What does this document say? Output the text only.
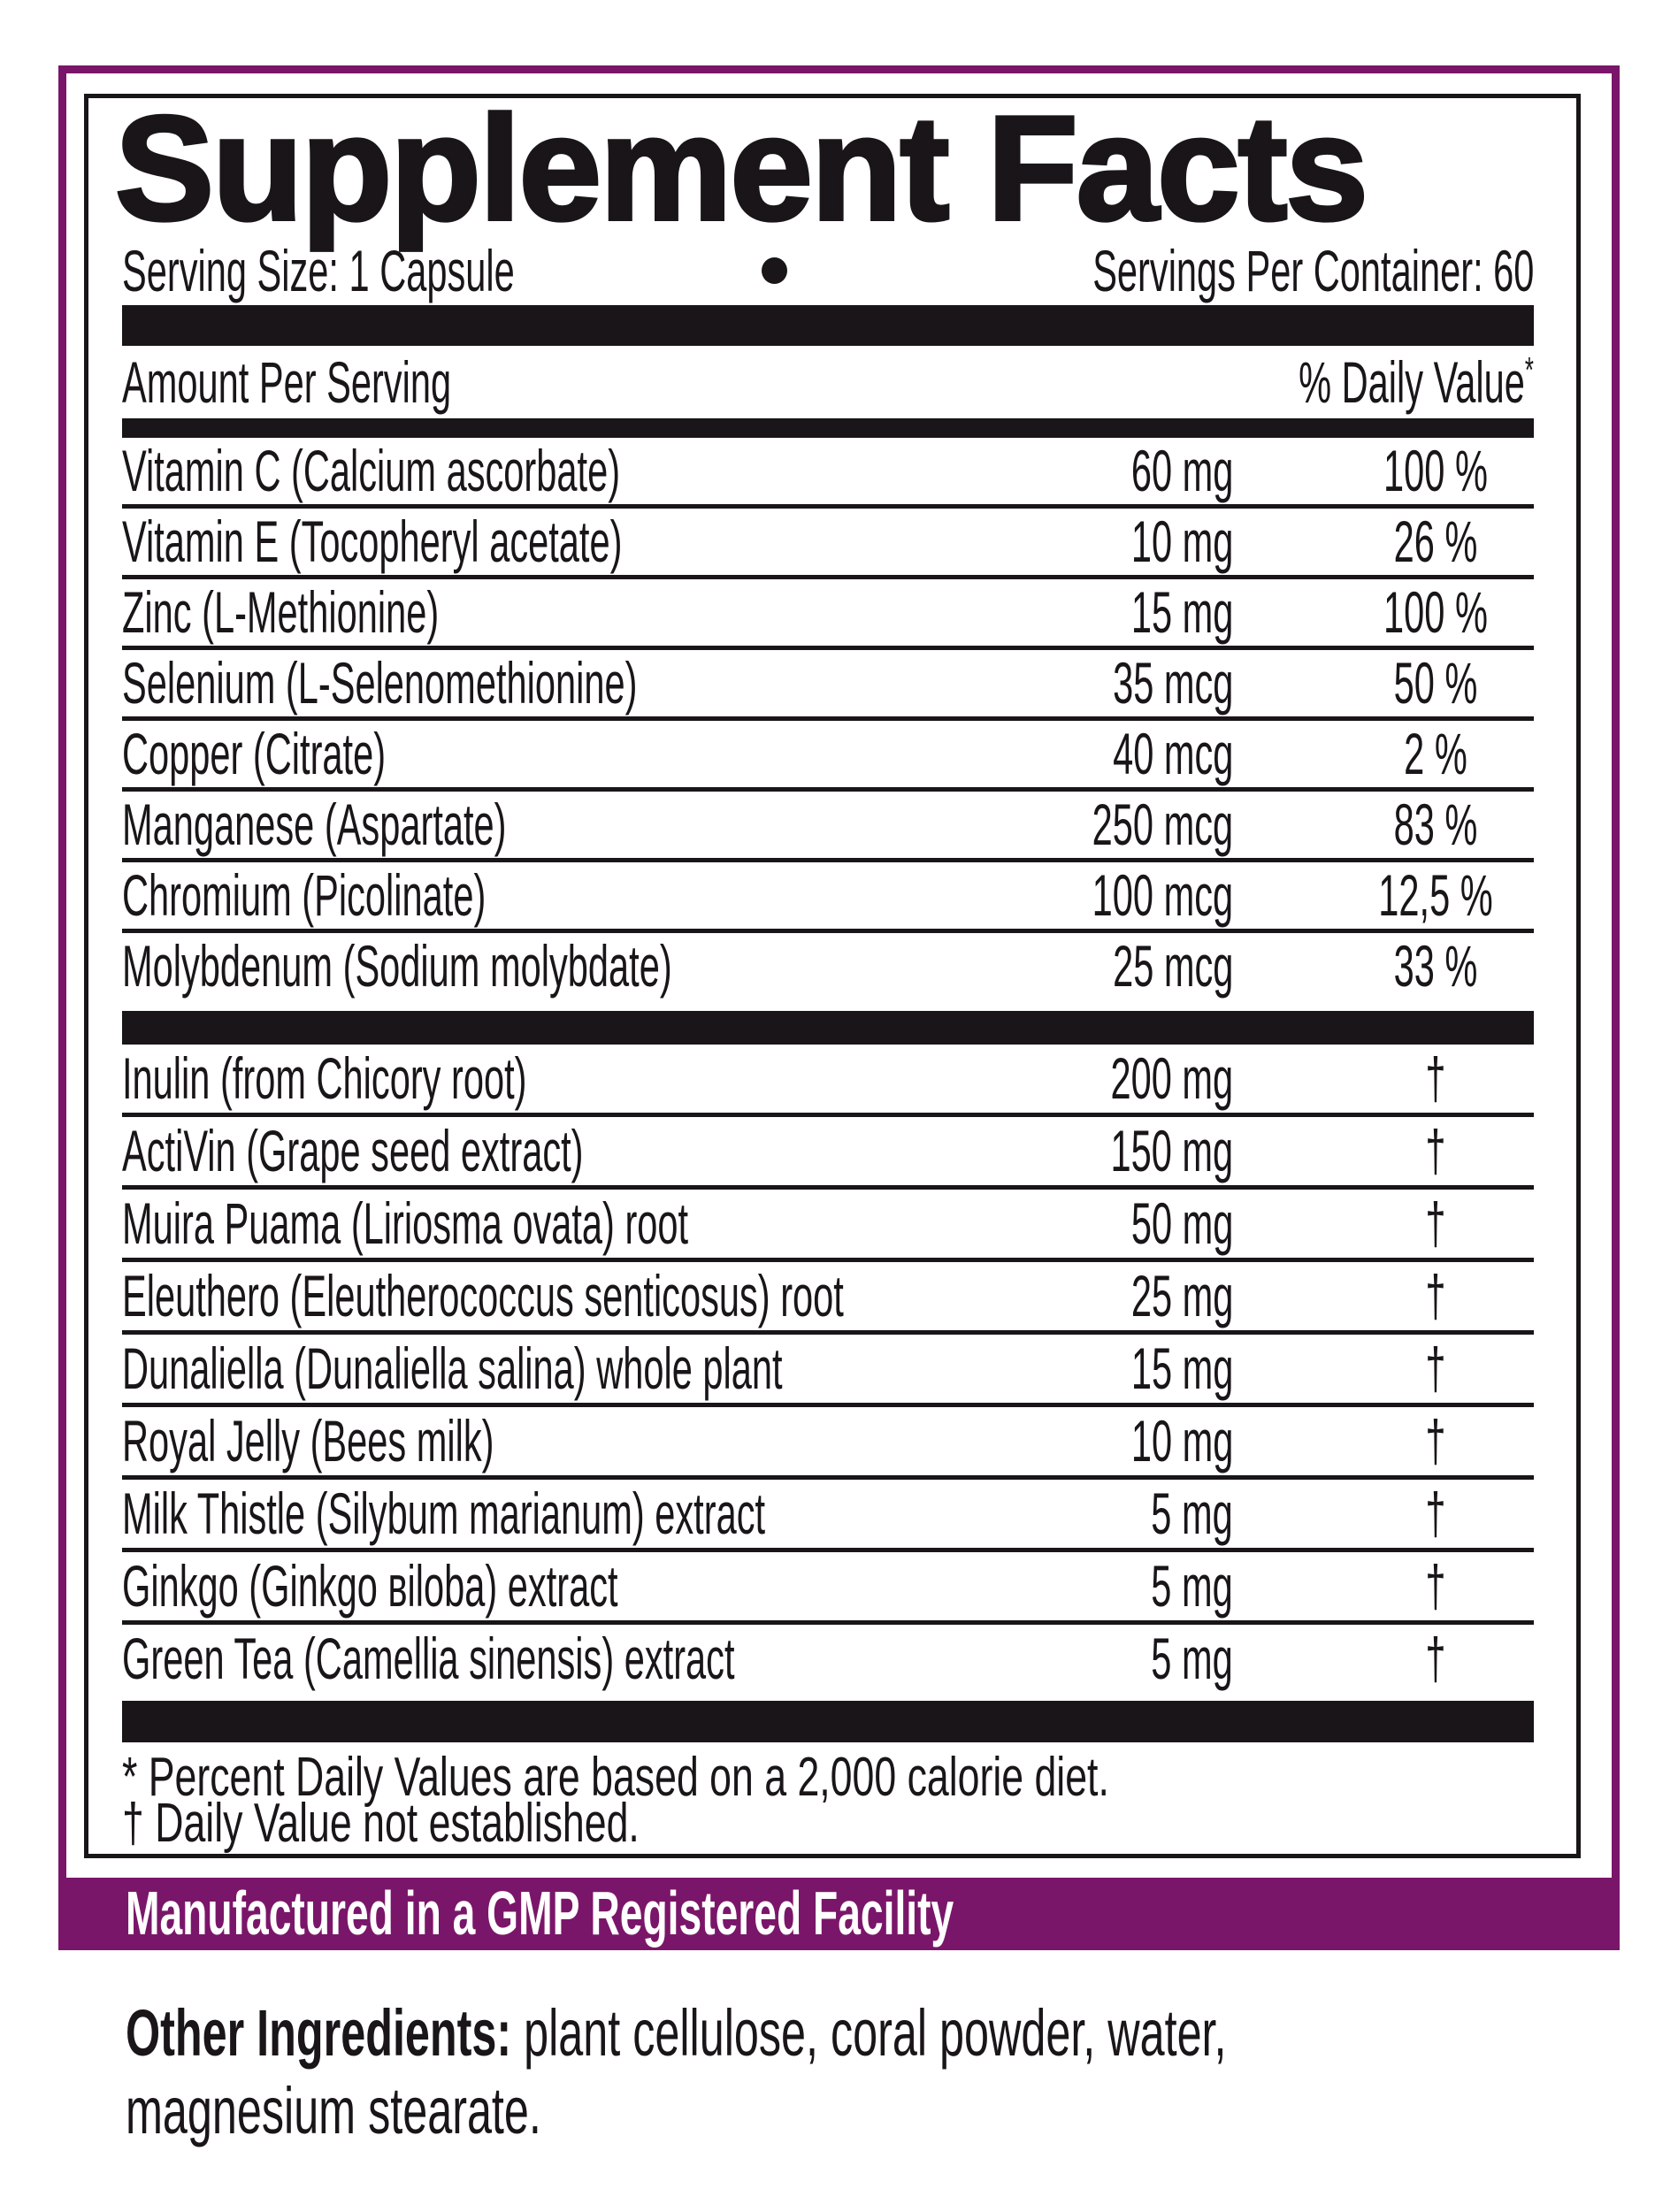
Supplement Facts
Serving Size: 1 Capsule	Servings Per Container: 60
Amount Per Serving	% Daily Value*
Vitamin C (Calcium ascorbate)	60 mg	100 %
Vitamin E (Tocopheryl acetate)	10 mg	26 %
Zinc (L-Methionine)	15 mg	100 %
Selenium (L-Selenomethionine)	35 mcg	50 %
Copper (Citrate)	40 mcg	2 %
Manganese (Aspartate)	250 mcg	83 %
Chromium (Picolinate)	100 mcg 12,5 %
Molybdenum (Sodium molybdate)	25 mcg	33 %
Inulin (from Chicory root)	200 mg	†
ActiVin (Grape seed extract)	150 mg	†
Muira Puama (Liriosma ovata) root	50 mg	†
Eleuthero (Eleutherococcus senticosus) root	25 mg	†
Dunaliella (Dunaliella salina) whole plant	15 mg	†
Royal Jelly (Bees milk)	10 mg	†
Milk Thistle (Silybum marianum) extract	5 mg	†
Ginkgo (Ginkgo вiloba) extract	5 mg	†
Green Tea (Camellia sinensis) extract	5 mg	†
* Percent Daily Values are based on a 2,000 calorie diet.
† Daily Value not established.
Manufactured in a GMP Registered Facility
Other Ingredients: plant cellulose, coral powder, water,
magnesium stearate.
